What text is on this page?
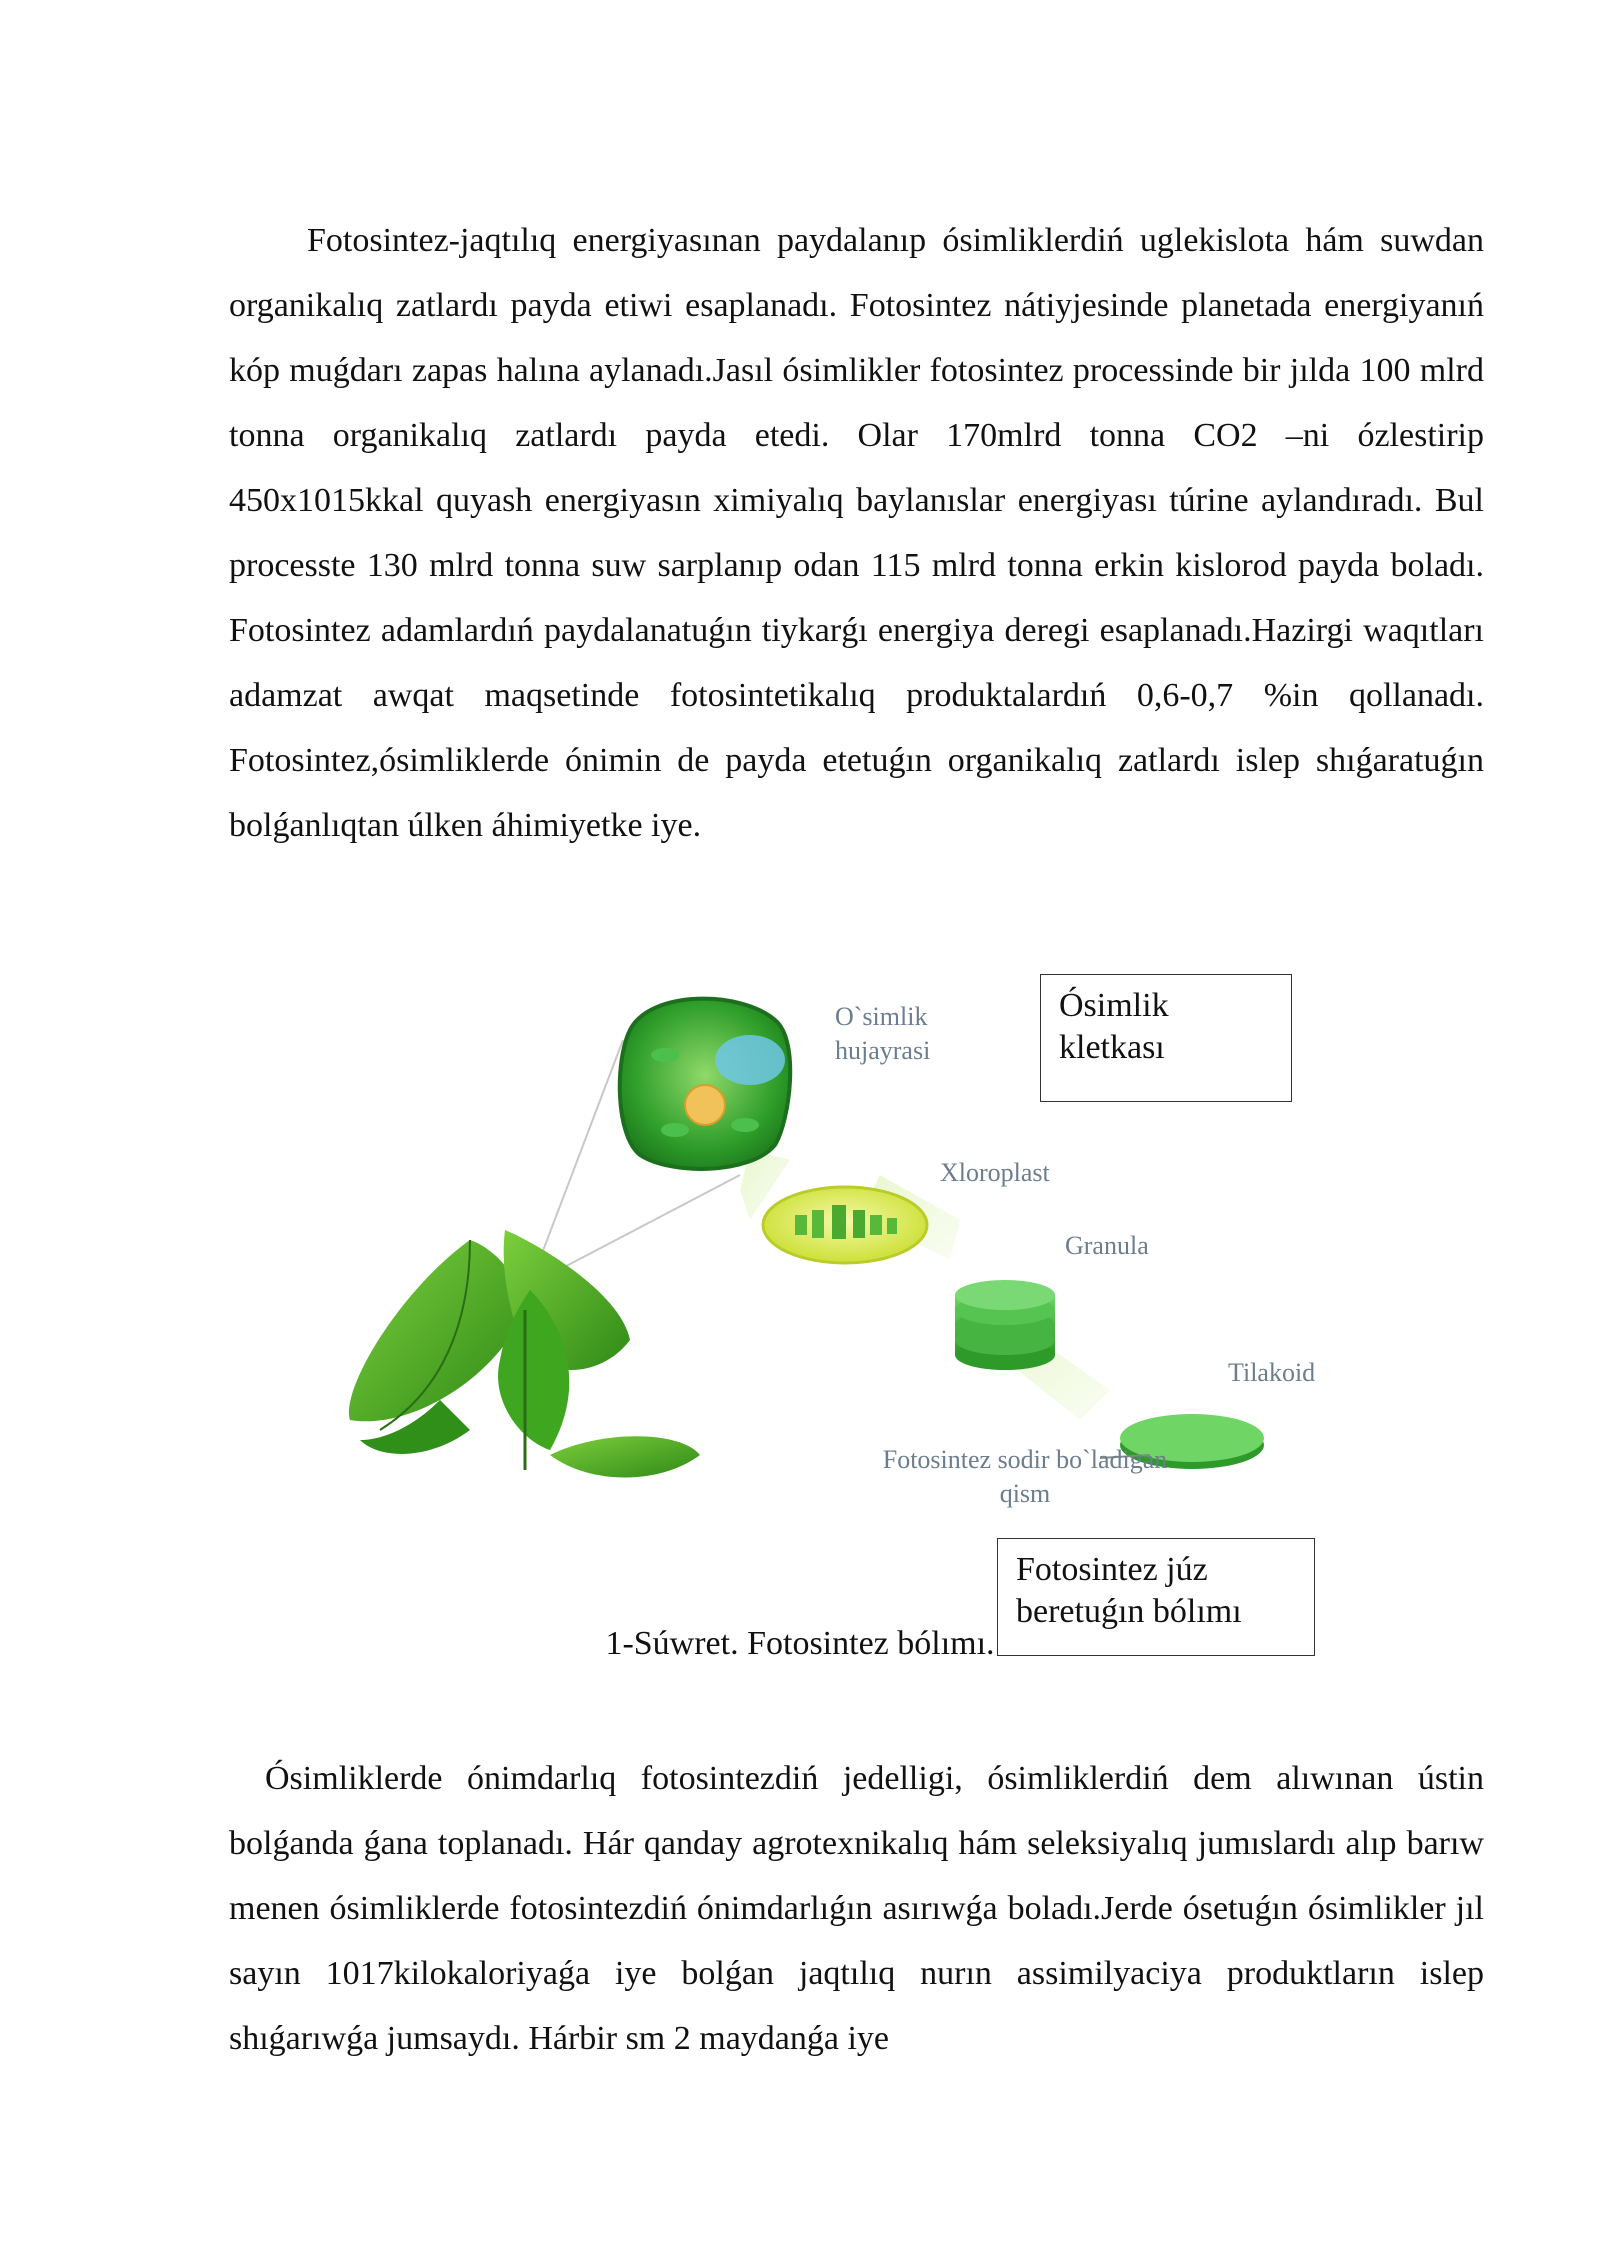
Fotosintez-jaqtılıq energiyasınan paydalanıp ósimliklerdiń uglekislota hám suwdan organikalıq zatlardı payda etiwi esaplanadı. Fotosintez nátiyjesinde planetada energiyanıń kóp muǵdarı zapas halına aylanadı.Jasıl ósimlikler fotosintez processinde bir jılda 100 mlrd tonna organikalıq zatlardı payda etedi. Olar 170mlrd tonna CO2 –ni ózlestirip 450x1015kkal quyash energiyasın ximiyalıq baylanıslar energiyası túrine aylandıradı. Bul processte 130 mlrd tonna suw sarplanıp odan 115 mlrd tonna erkin kislorod payda boladı. Fotosintez adamlardıń paydalanatuǵın tiykarǵı energiya deregi esaplanadı.Hazirgi waqıtları adamzat awqat maqsetinde fotosintetikalıq produktalardıń 0,6-0,7 %in qollanadı. Fotosintez,ósimliklerde ónimin de payda etetuǵın organikalıq zatlardı islep shıǵaratuǵın bolǵanlıqtan úlken áhimiyetke iye.

O`simlik hujayrasi
Xloroplast
Granula
Tilakoid
Fotosintez sodir bo`ladigan qism
Ósimlik kletkası
1-Súwret. Fotosintez bólımı.
Fotosintez júz beretuǵın bólımı

Ósimliklerde ónimdarlıq fotosintezdiń jedelligi, ósimliklerdiń dem alıwınan ústin bolǵanda ǵana toplanadı. Hár qanday agrotexnikalıq hám seleksiyalıq jumıslardı alıp barıw menen ósimliklerde fotosintezdiń ónimdarlıǵın asırıwǵa boladı.Jerde ósetuǵın ósimlikler jıl sayın 1017kilokaloriyaǵa iye bolǵan jaqtılıq nurın assimilyaciya produktların islep shıǵarıwǵa jumsaydı. Hárbir sm 2 maydanǵa iye
